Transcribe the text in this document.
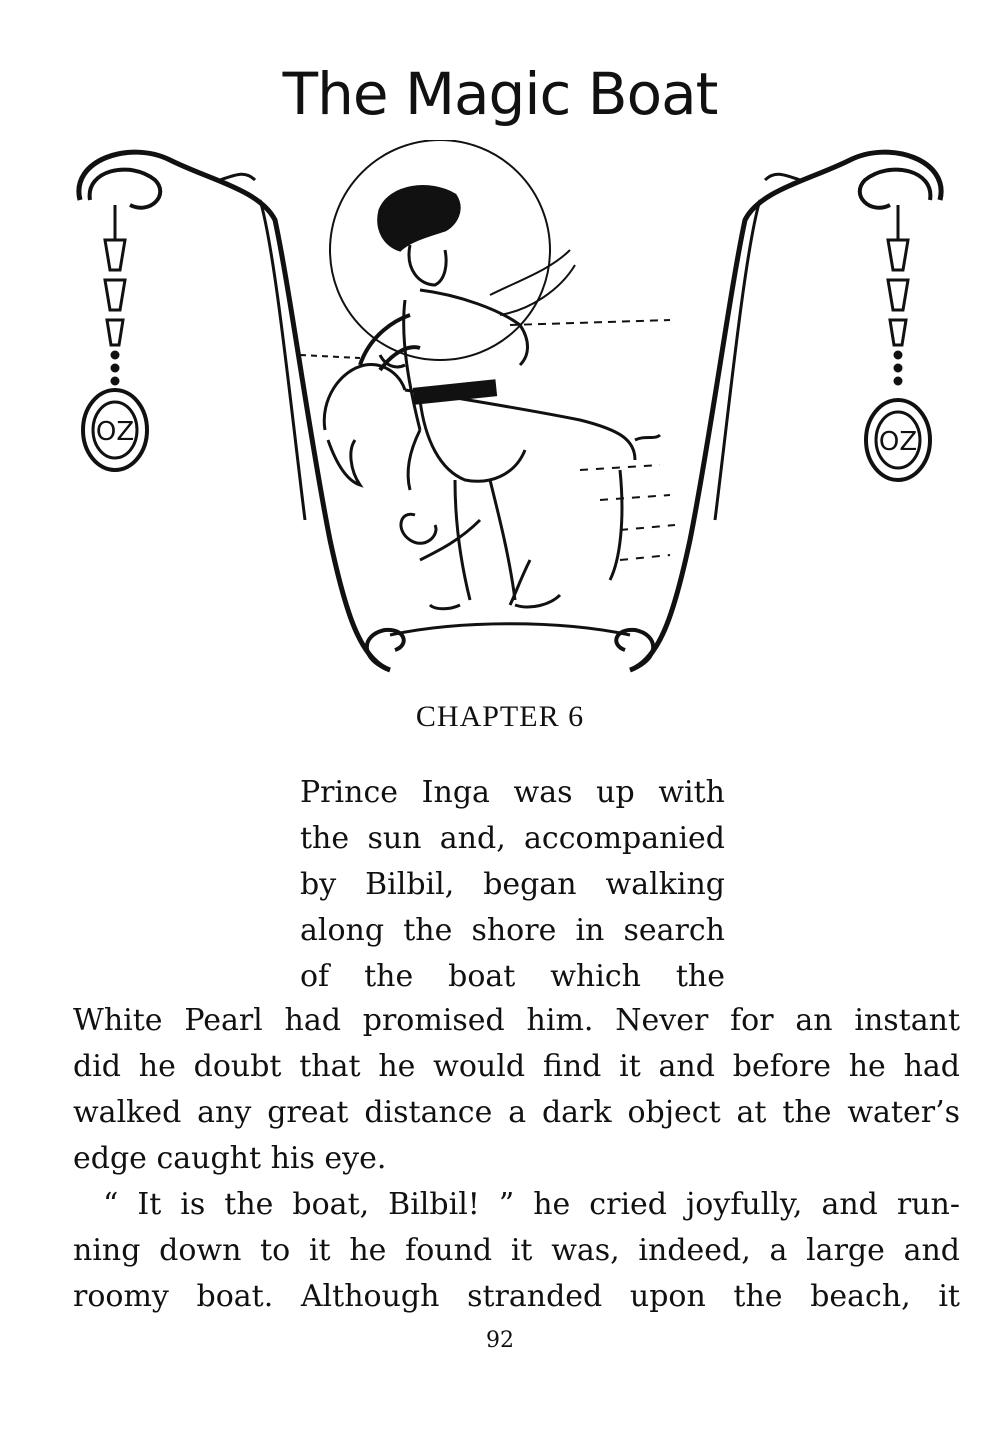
The Magic Boat
OZ	OZ
CHAPTER 6
Prince Inga was up with
the sun and, accompanied
by Bilbil, began walking
along the shore in search
of the boat which the
White Pearl had promised him. Never for an instant
did he doubt that he would find it and before he had
walked any great distance a dark object at the water’s
edge caught his eye.
“ It is the boat, Bilbil! ” he cried joyfully, and run-
ning down to it he found it was, indeed, a large and
roomy boat. Although stranded upon the beach, it
92
